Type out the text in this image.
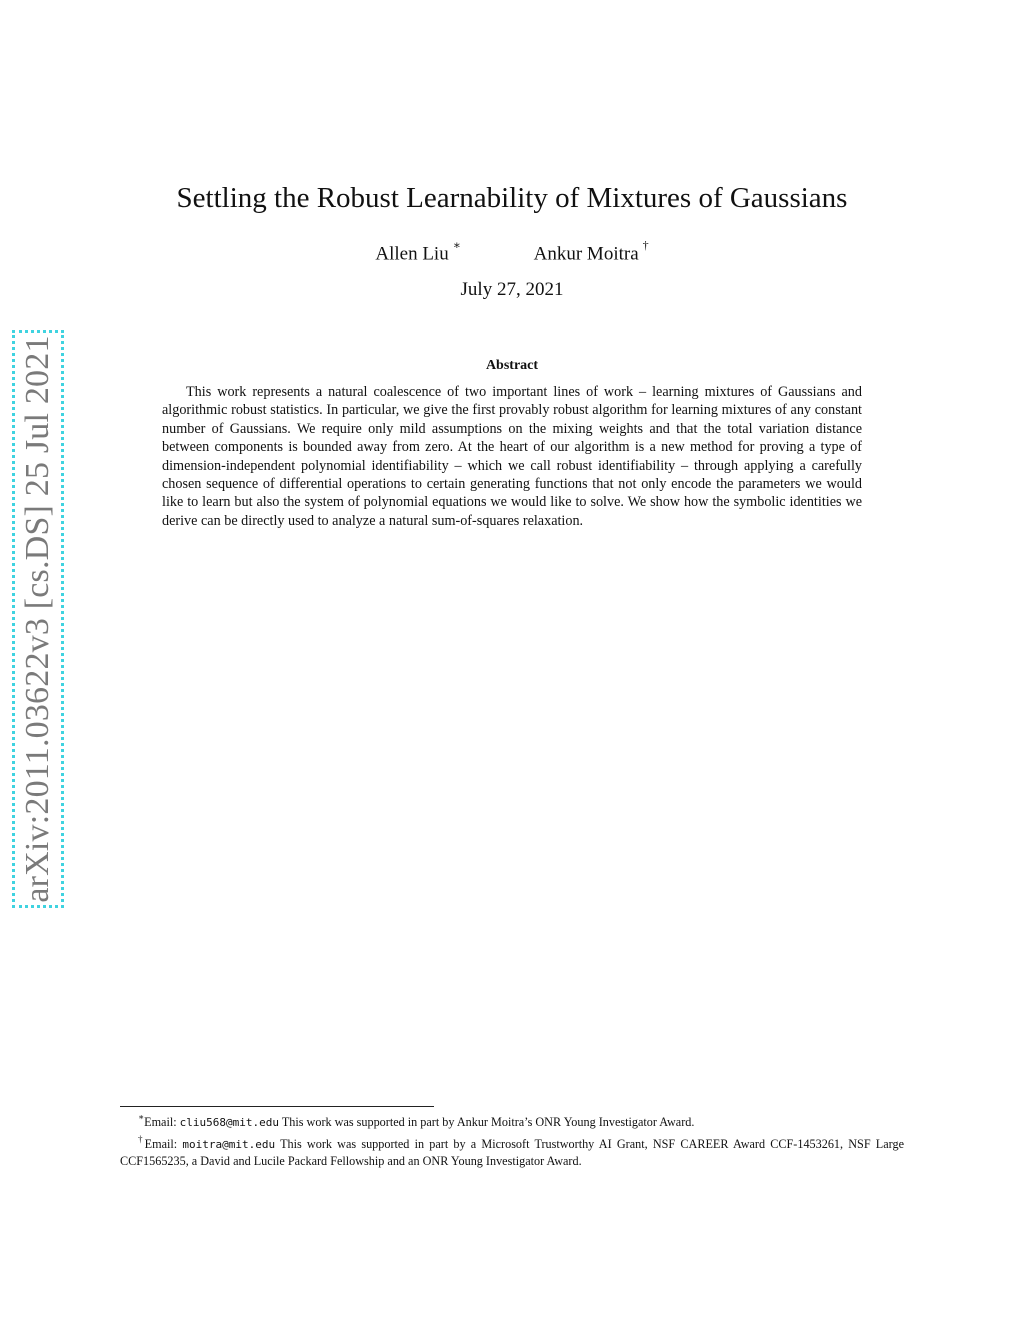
arXiv:2011.03622v3 [cs.DS] 25 Jul 2021
Settling the Robust Learnability of Mixtures of Gaussians
Allen Liu ∗	Ankur Moitra †
July 27, 2021
Abstract

This work represents a natural coalescence of two important lines of work – learning mixtures of Gaussians and algorithmic robust statistics. In particular, we give the first provably robust algorithm for learning mixtures of any constant number of Gaussians. We require only mild assumptions on the mixing weights and that the total variation distance between components is bounded away from zero. At the heart of our algorithm is a new method for proving a type of dimension-independent polynomial identifiability – which we call robust identifiability – through applying a carefully chosen sequence of differential operations to certain generating functions that not only encode the parameters we would like to learn but also the system of polynomial equations we would like to solve. We show how the symbolic identities we derive can be directly used to analyze a natural sum-of-squares relaxation.

∗Email: cliu568@mit.edu This work was supported in part by Ankur Moitra’s ONR Young Investigator Award.

†Email: moitra@mit.edu This work was supported in part by a Microsoft Trustworthy AI Grant, NSF CAREER Award CCF-1453261, NSF Large CCF1565235, a David and Lucile Packard Fellowship and an ONR Young Investigator Award.
